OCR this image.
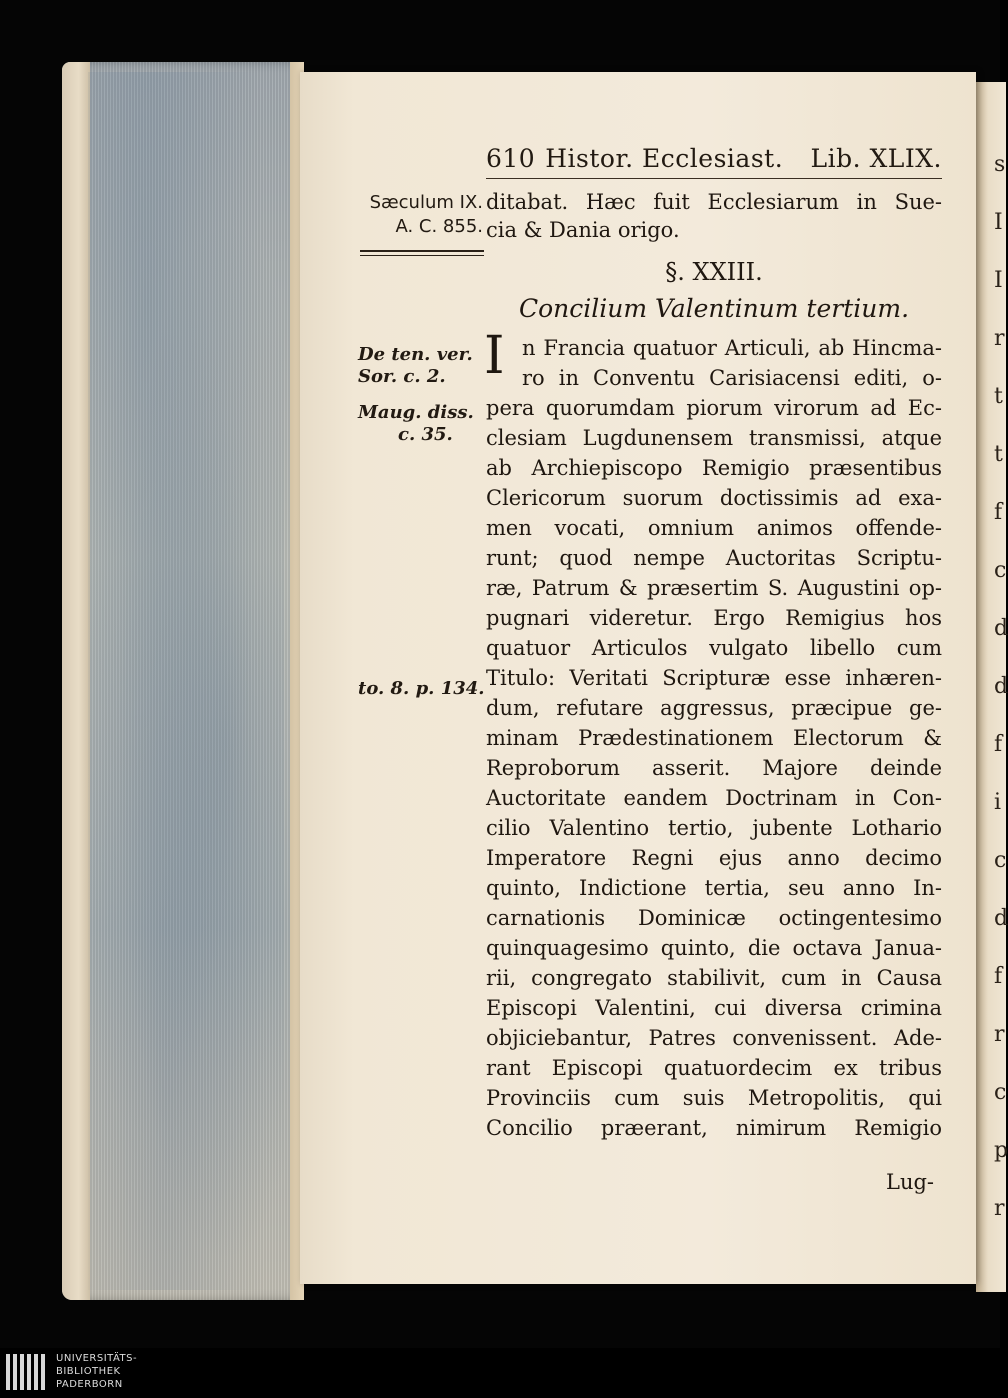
s
I
I
r
t
t
f
c
d
d
f
i
c
d
f
r
c
p
r
610 Histor. Ecclesiast.	Lib. XLIX.
Sæculum IX.
A. C. 855.
De ten. ver.
Sor. c. 2.
Maug. diss.
c. 35.
to. 8. p. 134.
ditabat. Hæc fuit Ecclesiarum in Sue-
cia & Dania origo.
§. XXIII.
Concilium Valentinum tertium.
I n Francia quatuor Articuli, ab Hincma-
ro in Conventu Carisiacensi editi, o-
pera quorumdam piorum virorum ad Ec-
clesiam Lugdunensem transmissi, atque
ab Archiepiscopo Remigio præsentibus
Clericorum suorum doctissimis ad exa-
men vocati, omnium animos offende-
runt; quod nempe Auctoritas Scriptu-
ræ, Patrum & præsertim S. Augustini op-
pugnari videretur. Ergo Remigius hos
quatuor Articulos vulgato libello cum
Titulo: Veritati Scripturæ esse inhæren-
dum, refutare aggressus, præcipue ge-
minam Prædestinationem Electorum &
Reproborum asserit. Majore deinde
Auctoritate eandem Doctrinam in Con-
cilio Valentino tertio, jubente Lothario
Imperatore Regni ejus anno decimo
quinto, Indictione tertia, seu anno In-
carnationis Dominicæ octingentesimo
quinquagesimo quinto, die octava Janua-
rii, congregato stabilivit, cum in Causa
Episcopi Valentini, cui diversa crimina
objiciebantur, Patres convenissent. Ade-
rant Episcopi quatuordecim ex tribus
Provinciis cum suis Metropolitis, qui
Concilio præerant, nimirum Remigio
Lug-
UNIVERSITÄTS-
BIBLIOTHEK
PADERBORN
